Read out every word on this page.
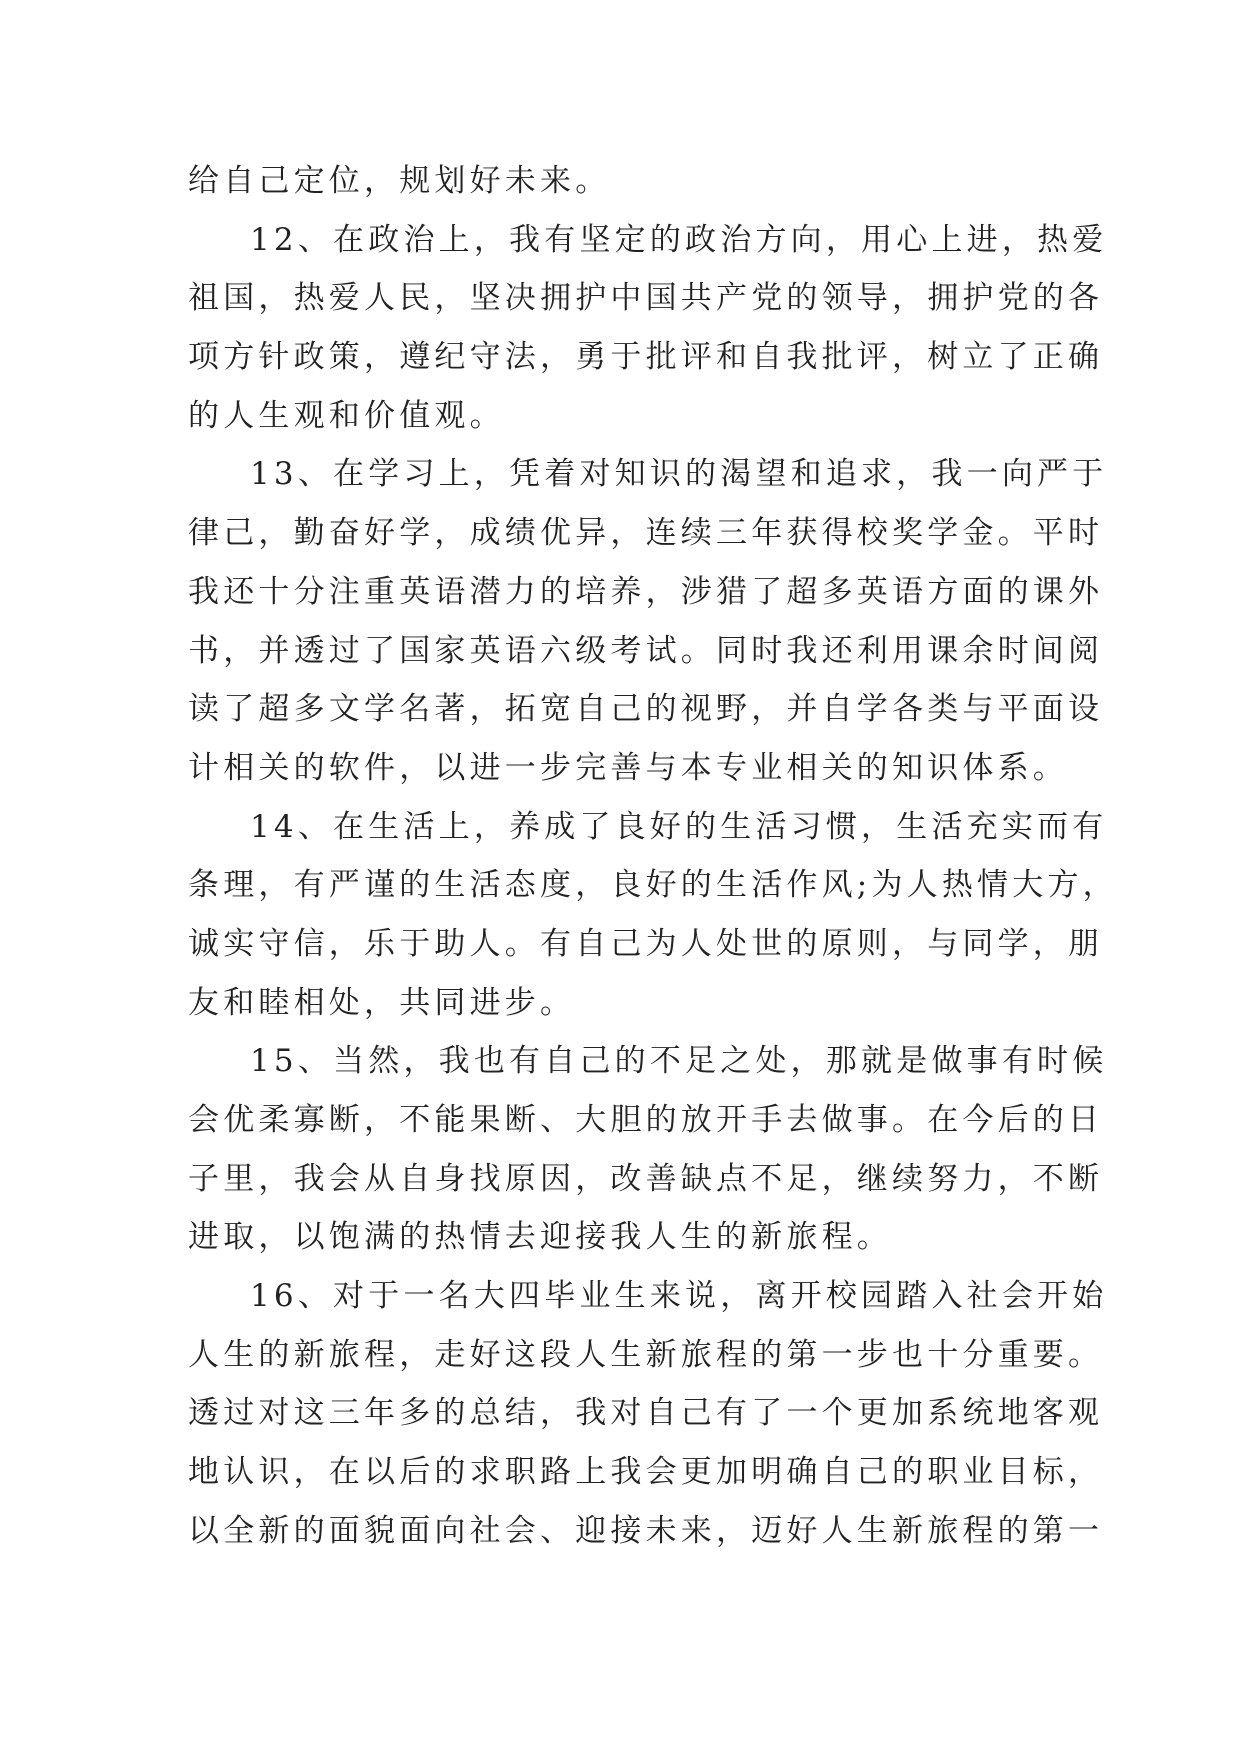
给自己定位，规划好未来。
12、在政治上，我有坚定的政治方向，用心上进，热爱
祖国，热爱人民，坚决拥护中国共产党的领导，拥护党的各
项方针政策，遵纪守法，勇于批评和自我批评，树立了正确
的人生观和价值观。
13、在学习上，凭着对知识的渴望和追求，我一向严于
律己，勤奋好学，成绩优异，连续三年获得校奖学金。平时
我还十分注重英语潜力的培养，涉猎了超多英语方面的课外
书，并透过了国家英语六级考试。同时我还利用课余时间阅
读了超多文学名著，拓宽自己的视野，并自学各类与平面设
计相关的软件，以进一步完善与本专业相关的知识体系。
14、在生活上，养成了良好的生活习惯，生活充实而有
条理，有严谨的生活态度，良好的生活作风;为人热情大方，
诚实守信，乐于助人。有自己为人处世的原则，与同学，朋
友和睦相处，共同进步。
15、当然，我也有自己的不足之处，那就是做事有时候
会优柔寡断，不能果断、大胆的放开手去做事。在今后的日
子里，我会从自身找原因，改善缺点不足，继续努力，不断
进取，以饱满的热情去迎接我人生的新旅程。
16、对于一名大四毕业生来说，离开校园踏入社会开始
人生的新旅程，走好这段人生新旅程的第一步也十分重要。
透过对这三年多的总结，我对自己有了一个更加系统地客观
地认识，在以后的求职路上我会更加明确自己的职业目标，
以全新的面貌面向社会、迎接未来，迈好人生新旅程的第一
